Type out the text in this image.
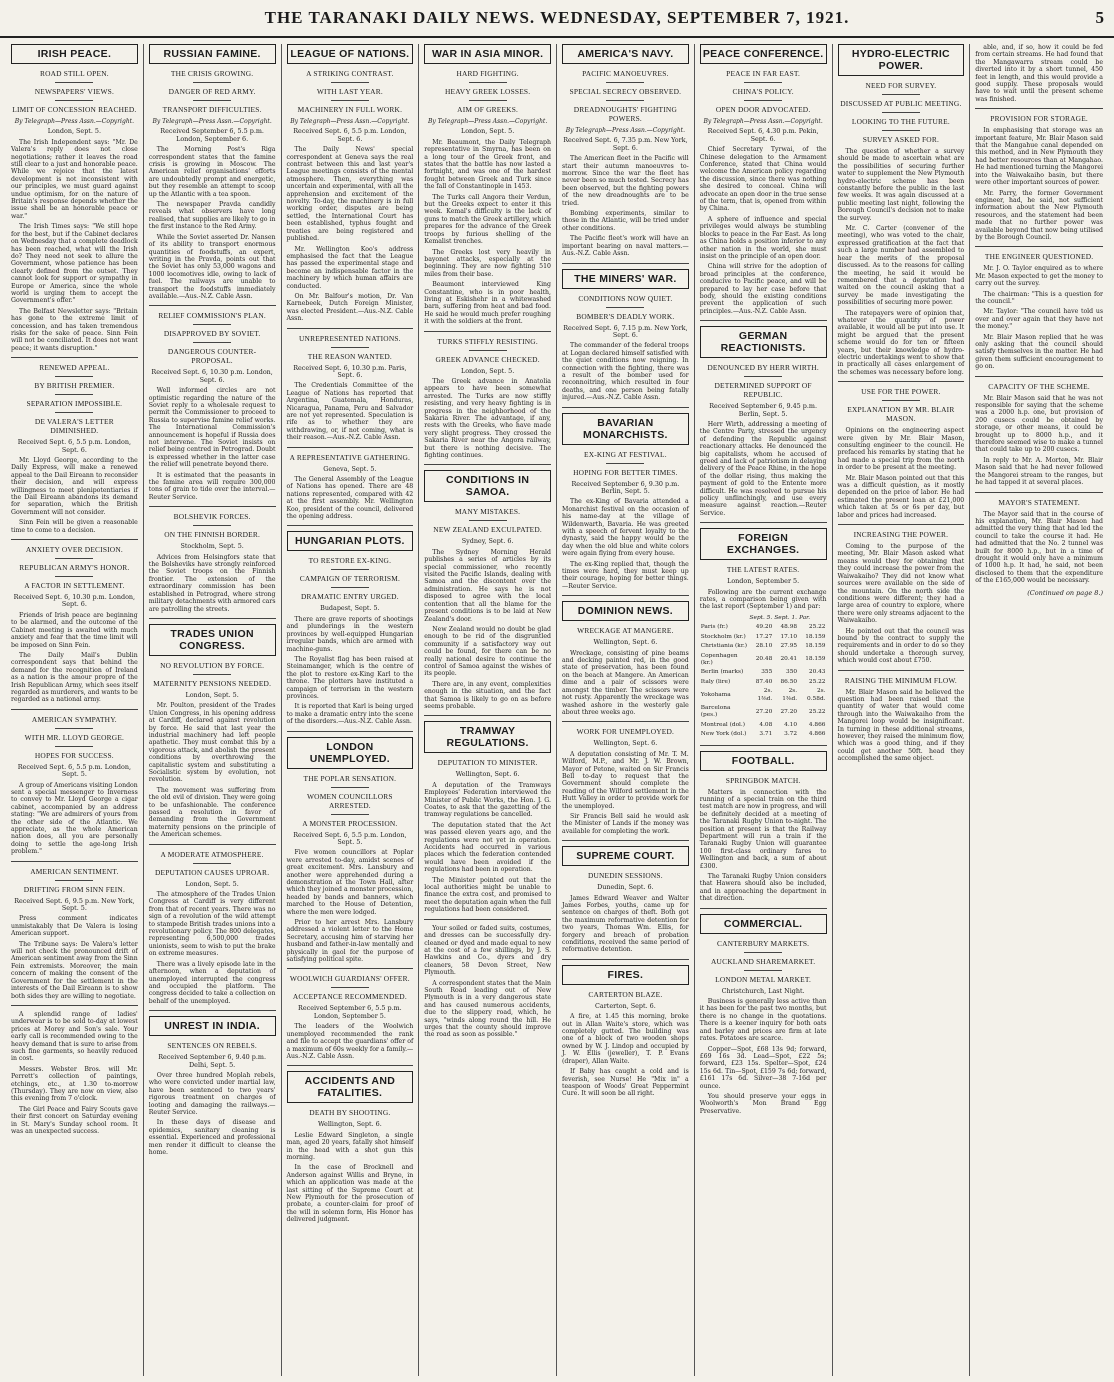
THE TARANAKI DAILY NEWS. WEDNESDAY, SEPTEMBER 7, 1921.	5
IRISH PEACE.
ROAD STILL OPEN.
NEWSPAPERS' VIEWS.
LIMIT OF CONCESSION REACHED.
By Telegraph—Press Assn.—Copyright.
London, Sept. 5.

The Irish Independent says: "Mr. De Valera's reply does not close negotiations; rather it leaves the road still clear to a just and honorable peace. While we rejoice that the latest development is not inconsistent with our principles, we must guard against undue optimism, for on the nature of Britain's response depends whether the issue shall be an honorable peace or war."

The Irish Times says: "We still hope for the best, but if the Cabinet declares on Wednesday that a complete deadlock has been reached, what will the Irish do? They need not seek to allure the Government, whose patience has been clearly defined from the outset. They cannot look for support or sympathy in Europe or America, since the whole world is urging them to accept the Government's offer."

The Belfast Newsletter says: "Britain has gone to the extreme limit of concession, and has taken tremendous risks for the sake of peace. Sinn Fein will not be conciliated. It does not want peace; it wants disruption."

RENEWED APPEAL.
BY BRITISH PREMIER.
SEPARATION IMPOSSIBLE.
DE VALERA'S LETTER DIMINISHED.
Received Sept. 6, 5.5 p.m. London, Sept. 6.

Mr. Lloyd George, according to the Daily Express, will make a renewed appeal to the Dail Eireann to reconsider their decision, and will express willingness to meet plenipotentiaries if the Dail Eireann abandons its demand for separation, which the British Government will not consider.

Sinn Fein will be given a reasonable time to come to a decision.

ANXIETY OVER DECISION.
REPUBLICAN ARMY'S HONOR.
A FACTOR IN SETTLEMENT.
Received Sept. 6, 10.30 p.m. London, Sept. 6.

Friends of Irish peace are beginning to be alarmed, and the outcome of the Cabinet meeting is awaited with much anxiety and fear that the time limit will be imposed on Sinn Fein.

The Daily Mail's Dublin correspondent says that behind the demand for the recognition of Ireland as a nation is the amour propre of the Irish Republican Army, which sees itself regarded as murderers, and wants to be regarded as a national army.

AMERICAN SYMPATHY.
WITH MR. LLOYD GEORGE.
HOPES FOR SUCCESS.
Received Sept. 6, 5.5 p.m. London, Sept. 5.

A group of Americans visiting London sent a special messenger to Inverness to convey to Mr. Lloyd George a cigar cabinet, accompanied by an address stating: "We are admirers of yours from the other side of the Atlantic. We appreciate, as the whole American nation does, all you are personally doing to settle the age-long Irish problem."

AMERICAN SENTIMENT.
DRIFTING FROM SINN FEIN.
Received Sept. 6, 9.5 p.m. New York, Sept. 5.

Press comment indicates unmistakably that De Valera is losing American support.

The Tribune says: De Valera's letter will not check the pronounced drift of American sentiment away from the Sinn Fein extremists. Moreover, the main concern of making the consent of the Government for the settlement in the interests of the Dail Eireann is to show both sides they are willing to negotiate.

A splendid range of ladies' underwear is to be sold to-day at lowest prices at Morey and Son's sale. Your early call is recommended owing to the heavy demand that is sure to arise from such fine garments, so heavily reduced in cost.

Messrs. Webster Bros. will Mr. Perrett's collection of paintings, etchings, etc., at 1.30 to-morrow (Thursday). They are now on view, also this evening from 7 o'clock.

The Girl Peace and Fairy Scouts gave their first concert on Saturday evening in St. Mary's Sunday school room. It was an unexpected success.

RUSSIAN FAMINE.
THE CRISIS GROWING.
DANGER OF RED ARMY.
TRANSPORT DIFFICULTIES.
By Telegraph—Press Assn.—Copyright.
Received September 6, 5.5 p.m. London, September 6.

The Morning Post's Riga correspondent states that the famine crisis is growing in Moscow. The American relief organisations' efforts are undoubtedly prompt and energetic, but they resemble an attempt to scoop up the Atlantic with a tea spoon.

The newspaper Pravda candidly reveals what observers have long realised, that supplies are likely to go in the first instance to the Red Army.

While the Soviet asserted Dr. Nansen of its ability to transport enormous quantities of foodstuffs, an expert, writing in the Pravda, points out that the Soviet has only 53,000 wagons and 1000 locomotives idle, owing to lack of fuel. The railways are unable to transport the foodstuffs immediately available.—Aus.-N.Z. Cable Assn.

RELIEF COMMISSION'S PLAN.
DISAPPROVED BY SOVIET.
DANGEROUS COUNTER-PROPOSAL.
Received Sept. 6, 10.30 p.m. London, Sept. 6.

Well informed circles are not optimistic regarding the nature of the Soviet reply to a wholesale request to permit the Commissioner to proceed to Russia to supervise famine relief works. The International Commission's announcement is hopeful if Russia does not intervene. The Soviet insists on relief being centred in Petrograd. Doubt is expressed whether in the latter case the relief will penetrate beyond there.

It is estimated that the peasants in the famine area will require 300,000 tons of grain to tide over the interval.—Reuter Service.

BOLSHEVIK FORCES.
ON THE FINNISH BORDER.
Stockholm, Sept. 5.

Advices from Helsingfors state that the Bolsheviks have strongly reinforced the Soviet troops on the Finnish frontier. The extension of the extraordinary commission has been established in Petrograd, where strong military detachments with armored cars are patrolling the streets.

TRADES UNION CONGRESS.
NO REVOLUTION BY FORCE.
MATERNITY PENSIONS NEEDED.
London, Sept. 5.

Mr. Poulton, president of the Trades Union Congress, in his opening address at Cardiff, declared against revolution by force. He said that last year the industrial machinery had left people apathetic. They must combat this by a vigorous attack, and abolish the present conditions by overthrowing the capitalistic system and substituting a Socialistic system by evolution, not revolution.

The movement was suffering from the old evil of division. They were going to be unfashionable. The conference passed a resolution in favor of demanding from the Government maternity pensions on the principle of the American schemes.

A MODERATE ATMOSPHERE.
DEPUTATION CAUSES UPROAR.
London, Sept. 5.

The atmosphere of the Trades Union Congress at Cardiff is very different from that of recent years. There was no sign of a revolution of the wild attempt to stampede British trades unions into a revolutionary policy. The 800 delegates, representing 6,500,000 trades unionists, seem to wish to put the brake on extreme measures.

There was a lively episode late in the afternoon, when a deputation of unemployed interrupted the congress and occupied the platform. The congress decided to take a collection on behalf of the unemployed.

UNREST IN INDIA.
SENTENCES ON REBELS.
Received September 6, 9.40 p.m. Delhi, Sept. 5.

Over three hundred Moplah rebels, who were convicted under martial law, have been sentenced to two years' rigorous treatment on charges of looting and damaging the railways.—Reuter Service.

In these days of disease and epidemics, sanitary cleaning is essential. Experienced and professional men render it difficult to cleanse the home.

LEAGUE OF NATIONS.
A STRIKING CONTRAST.
WITH LAST YEAR.
MACHINERY IN FULL WORK.
By Telegraph—Press Assn.—Copyright.
Received Sept. 6, 5.5 p.m. London, Sept. 6.

The Daily News' special correspondent at Geneva says the real contrast between this and last year's League meetings consists of the mental atmosphere. Then, everything was uncertain and experimental, with all the apprehension and excitement of the novelty. To-day, the machinery is in full working order, disputes are being settled, the International Court has been established, typhus fought and treaties are being registered and published.

Mr. Wellington Koo's address emphasised the fact that the League has passed the experimental stage and become an indispensable factor in the machinery by which human affairs are conducted.

On Mr. Balfour's motion, Dr. Van Karnebeek, Dutch Foreign Minister, was elected President.—Aus.-N.Z. Cable Assn.

UNREPRESENTED NATIONS.
THE REASON WANTED.
Received Sept. 6, 10.30 p.m. Paris, Sept. 6.

The Credentials Committee of the League of Nations has reported that Argentina, Guatemala, Honduras, Nicaragua, Panama, Peru and Salvador are not yet represented. Speculation is rife as to whether they are withdrawing, or, if not coming, what is their reason.—Aus.-N.Z. Cable Assn.

A REPRESENTATIVE GATHERING.
Geneva, Sept. 5.

The General Assembly of the League of Nations has opened. There are 48 nations represented, compared with 42 at the first assembly. Mr. Wellington Koo, president of the council, delivered the opening address.

HUNGARIAN PLOTS.
TO RESTORE EX-KING.
CAMPAIGN OF TERRORISM.
DRAMATIC ENTRY URGED.
Budapest, Sept. 5.

There are grave reports of shootings and plunderings in the western provinces by well-equipped Hungarian irregular bands, which are armed with machine-guns.

The Royalist flag has been raised at Steinamanger, which is the centre of the plot to restore ex-King Karl to the throne. The plotters have instituted a campaign of terrorism in the western provinces.

It is reported that Karl is being urged to make a dramatic entry into the scene of the disorders.—Aus.-N.Z. Cable Assn.

LONDON UNEMPLOYED.
THE POPLAR SENSATION.
WOMEN COUNCILLORS ARRESTED.
A MONSTER PROCESSION.
Received Sept. 6, 5.5 p.m. London, Sept. 5.

Five women councillors at Poplar were arrested to-day, amidst scenes of great excitement. Mrs. Lansbury and another were apprehended during a demonstration at the Town Hall, after which they joined a monster procession, headed by bands and banners, which marched to the House of Detention, where the men were lodged.

Prior to her arrest Mrs. Lansbury addressed a violent letter to the Home Secretary, accusing him of starving her husband and father-in-law mentally and physically in gaol for the purpose of satisfying political spite.

WOOLWICH GUARDIANS' OFFER.
ACCEPTANCE RECOMMENDED.
Received September 6, 5.5 p.m. London, September 5.

The leaders of the Woolwich unemployed recommended the rank and file to accept the guardians' offer of a maximum of 60s weekly for a family.—Aus.-N.Z. Cable Assn.

ACCIDENTS AND FATALITIES.
DEATH BY SHOOTING.
Wellington, Sept. 6.

Leslie Edward Singleton, a single man, aged 20 years, fatally shot himself in the head with a shot gun this morning.

In the case of Brocknell and Anderson against Willis and Bryne, in which an application was made at the last sitting of the Supreme Court at New Plymouth for the prosecution of probate, a counter-claim for proof of the will in solemn form, His Honor has delivered judgment.

WAR IN ASIA MINOR.
HARD FIGHTING.
HEAVY GREEK LOSSES.
AIM OF GREEKS.
By Telegraph—Press Assn.—Copyright.
London, Sept. 5.

Mr. Beaumont, the Daily Telegraph representative in Smyrna, has been on a long tour of the Greek front, and states that the battle has now lasted a fortnight, and was one of the hardest fought between Greek and Turk since the fall of Constantinople in 1453.

The Turks call Angora their Verdun, but the Greeks expect to enter it this week. Kemal's difficulty is the lack of guns to match the Greek artillery, which prepares for the advance of the Greek troops by furious shelling of the Kemalist trenches.

The Greeks lost very heavily in bayonet attacks, especially at the beginning. They are now fighting 510 miles from their base.

Beaumont interviewed King Constantine, who is in poor health, living at Eskishehr in a whitewashed barn, suffering from heat and bad food. He said he would much prefer roughing it with the soldiers at the front.

TURKS STIFFLY RESISTING.
GREEK ADVANCE CHECKED.
London, Sept. 5.

The Greek advance in Anatolia appears to have been somewhat arrested. The Turks are now stiffly resisting, and very heavy fighting is in progress in the neighborhood of the Sakaria River. The advantage, if any, rests with the Greeks, who have made very slight progress. They crossed the Sakaria River near the Angora railway, but there is nothing decisive. The fighting continues.

CONDITIONS IN SAMOA.
MANY MISTAKES.
NEW ZEALAND EXCULPATED.
Sydney, Sept. 6.

The Sydney Morning Herald publishes a series of articles by its special commissioner, who recently visited the Pacific Islands, dealing with Samoa and the discontent over the administration. He says he is not disposed to agree with the local contention that all the blame for the present conditions is to be laid at New Zealand's door.

New Zealand would no doubt be glad enough to be rid of the disgruntled community if a satisfactory way out could be found, for there can be no really national desire to continue the control of Samoa against the wishes of its people.

There are, in any event, complexities enough in the situation, and the fact that Samoa is likely to go on as before seems probable.

TRAMWAY REGULATIONS.
DEPUTATION TO MINISTER.
Wellington, Sept. 6.

A deputation of the Tramways Employees' Federation interviewed the Minister of Public Works, the Hon. J. G. Coates, to ask that the gazetting of the tramway regulations be cancelled.

The deputation stated that the Act was passed eleven years ago, and the regulations were not yet in operation. Accidents had occurred in various places which the federation contended would have been avoided if the regulations had been in operation.

The Minister pointed out that the local authorities might be unable to finance the extra cost, and promised to meet the deputation again when the full regulations had been considered.

Your soiled or faded suits, costumes, and dresses can be successfully dry-cleaned or dyed and made equal to new at the cost of a few shillings, by J. S. Hawkins and Co., dyers and dry cleaners, 58 Devon Street, New Plymouth.

A correspondent states that the Main South Road leading out of New Plymouth is in a very dangerous state and has caused numerous accidents, due to the slippery road, which, he says, "winds along round the hill. He urges that the county should improve the road as soon as possible."

AMERICA'S NAVY.
PACIFIC MANOEUVRES.
SPECIAL SECRECY OBSERVED.
DREADNOUGHTS' FIGHTING POWERS.
By Telegraph—Press Assn.—Copyright.
Received Sept. 6, 7.35 p.m. New York, Sept. 6.

The American fleet in the Pacific will start their autumn manoeuvres to-morrow. Since the war the fleet has never been so much tested. Secrecy has been observed, but the fighting powers of the new dreadnoughts are to be tried.

Bombing experiments, similar to those in the Atlantic, will be tried under other conditions.

The Pacific fleet's work will have an important bearing on naval matters.—Aus.-N.Z. Cable Assn.

THE MINERS' WAR.
CONDITIONS NOW QUIET.
BOMBER'S DEADLY WORK.
Received Sept. 6, 7.15 p.m. New York, Sept. 6.

The commander of the federal troops at Logan declared himself satisfied with the quiet conditions now reigning. In connection with the fighting, there was a result of the bomber used for reconnoitring, which resulted in four deaths, and one person being fatally injured.—Aus.-N.Z. Cable Assn.

BAVARIAN MONARCHISTS.
EX-KING AT FESTIVAL.
HOPING FOR BETTER TIMES.
Received September 6, 9.30 p.m. Berlin, Sept. 5.

The ex-King of Bavaria attended a Monarchist festival on the occasion of his name-day at the village of Wildenwarth, Bavaria. He was greeted with a speech of fervent loyalty to the dynasty, said the happy would be the day when the old blue and white colors were again flying from every house.

The ex-King replied that, though the times were hard, they must keep up their courage, hoping for better things.—Reuter Service.

DOMINION NEWS.
WRECKAGE AT MANGERE.
Wellington, Sept. 6.

Wreckage, consisting of pine beams and decking painted red, in the good state of preservation, has been found on the beach at Mangere. An American dime and a pair of scissors were amongst the timber. The scissors were not rusty. Apparently the wreckage was washed ashore in the westerly gale about three weeks ago.

WORK FOR UNEMPLOYED.
Wellington, Sept. 6.

A deputation consisting of Mr. T. M. Wilford, M.P., and Mr. J. W. Brown, Mayor of Petone, waited on Sir Francis Bell to-day to request that the Government should complete the reading of the Wilford settlement in the Hutt Valley in order to provide work for the unemployed.

Sir Francis Bell said he would ask the Minister of Lands if the money was available for completing the work.

SUPREME COURT.
DUNEDIN SESSIONS.
Dunedin, Sept. 6.

James Edward Weaver and Walter James Forbes, youths, came up for sentence on charges of theft. Both got the maximum reformative detention for two years, Thomas Wm. Ellis, for forgery and breach of probation conditions, received the same period of reformative detention.

FIRES.
CARTERTON BLAZE.
Carterton, Sept. 6.

A fire, at 1.45 this morning, broke out in Allan Waite's store, which was completely gutted. The building was one of a block of two wooden shops owned by W. J. Lindop and occupied by J. W. Ellis (jeweller), T. P. Evans (draper), Allan Waite.

If Baby has caught a cold and is feverish, see Nurse! He "Mix in" a teaspoon of Woods' Great Peppermint Cure. It will soon be all right.

PEACE CONFERENCE.
PEACE IN FAR EAST.
CHINA'S POLICY.
OPEN DOOR ADVOCATED.
By Telegraph—Press Assn.—Copyright.
Received Sept. 6, 4.30 p.m. Pekin, Sept. 6.

Chief Secretary Tyrwai, of the Chinese delegation to the Armament Conference, stated that China would welcome the American policy regarding the discussion, since there was nothing she desired to conceal. China will advocate an open door in the true sense of the term, that is, opened from within by China.

A sphere of influence and special privileges would always be stumbling blocks to peace in the Far East. As long as China holds a position inferior to any other nation in the world, she must insist on the principle of an open door.

China will strive for the adoption of broad principles at the conference, conducive to Pacific peace, and will be prepared to lay her case before that body, should the existing conditions prevent the application of such principles.—Aus.-N.Z. Cable Assn.

GERMAN REACTIONISTS.
DENOUNCED BY HERR WIRTH.
DETERMINED SUPPORT OF REPUBLIC.
Received September 6, 9.45 p.m. Berlin, Sept. 5.

Herr Wirth, addressing a meeting of the Centre Party, stressed the urgency of defending the Republic against reactionary attacks. He denounced the big capitalists, whom he accused of greed and lack of patriotism in delaying delivery of the Peace Rhine, in the hope of the dollar rising, thus making the payment of gold to the Entente more difficult. He was resolved to pursue his policy unflinchingly, and use every measure against reaction.—Reuter Service.

FOREIGN EXCHANGES.
THE LATEST RATES.
London, September 5.

Following are the current exchange rates, a comparison being given with the last report (September 1) and par:

	Sept. 5.	Sept. 1.	Par.
Paris (fr.)	49.20	48.98	25.22
Stockholm (kr.)	17.27	17.10	18.159
Christiania (kr.)	28.10	27.95	18.159
Copenhagen (kr.)	20.48	20.41	18.159
Berlin (marks)	355	350	20.43
Italy (lire)	87.40	86.50	25.22
Yokohama	2s. 1⅜d.	2s. 1⅜d.	2s. 0.58d.
Barcelona (pes.)	27.20	27.20	25.22
Montreal (dol.)	4.08	4.10	4.866
New York (dol.)	3.71	3.72	4.866
FOOTBALL.
SPRINGBOK MATCH.

Matters in connection with the running of a special train on the third test match are now in progress, and will be definitely decided at a meeting of the Taranaki Rugby Union to-night. The position at present is that the Railway Department will run a train if the Taranaki Rugby Union will guarantee 100 first-class ordinary fares to Wellington and back, a sum of about £300.

The Taranaki Rugby Union considers that Hawera should also be included, and in approaching the department in that direction.

COMMERCIAL.
CANTERBURY MARKETS.
AUCKLAND SHAREMARKET.
LONDON METAL MARKET.
Christchurch, Last Night.

Business is generally less active than it has been for the past two months, but there is no change in the quotations. There is a keener inquiry for both oats and barley and prices are firm at late rates. Potatoes are scarce.

Copper—Spot, £68 13s 9d; forward, £69 16s 3d. Lead—Spot, £22 5s; forward, £23 15s. Spelter—Spot, £24 15s 6d. Tin—Spot, £159 7s 6d; forward, £161 17s 6d. Silver—38 7-16d per ounce.

You should preserve your eggs in Woolworth's Mon Brand Egg Preservative.

HYDRO-ELECTRIC POWER.
NEED FOR SURVEY.
DISCUSSED AT PUBLIC MEETING.
LOOKING TO THE FUTURE.
SURVEY ASKED FOR.

The question of whether a survey should be made to ascertain what are the possibilities of securing further water to supplement the New Plymouth hydro-electric scheme has been constantly before the public in the last few weeks. It was again discussed at a public meeting last night, following the Borough Council's decision not to make the survey.

Mr. C. Carter (convener of the meeting), who was voted to the chair, expressed gratification at the fact that such a large number had assembled to hear the merits of the proposal discussed. As to the reasons for calling the meeting, he said it would be remembered that a deputation had waited on the council asking that a survey be made investigating the possibilities of securing more power.

The ratepayers were of opinion that, whatever the quantity of power available, it would all be put into use. It might be argued that the present scheme would do for ten or fifteen years, but their knowledge of hydro-electric undertakings went to show that in practically all cases enlargement of the schemes was necessary before long.

USE FOR THE POWER.
EXPLANATION BY MR. BLAIR MASON.

Opinions on the engineering aspect were given by Mr. Blair Mason, consulting engineer to the council. He prefaced his remarks by stating that he had made a special trip from the north in order to be present at the meeting.

Mr. Blair Mason pointed out that this was a difficult question, as it mostly depended on the price of labor. He had estimated the present loan at £21,000 which taken at 5s or 6s per day, but labor and prices had increased.

INCREASING THE POWER.

Coming to the purpose of the meeting, Mr. Blair Mason asked what means would they for obtaining that they could increase the power from the Waiwakaiho? They did not know what sources were available on the side of the mountain. On the north side the conditions were different; they had a large area of country to explore, where there were only streams adjacent to the Waiwakaiho.

He pointed out that the council was bound by the contract to supply the requirements and in order to do so they should undertake a thorough survey, which would cost about £750.

RAISING THE MINIMUM FLOW.

Mr. Blair Mason said he believed the question had been raised that the quantity of water that would come through into the Waiwakaiho from the Mangorei loop would be insignificant. In turning in these additional streams, however, they raised the minimum flow, which was a good thing, and if they could get another 50ft. head they accomplished the same object.

able, and, if so, how it could be fed from certain streams. He had found that the Mangawarra stream could be diverted into it by a short tunnel, 450 feet in length, and this would provide a good supply. These proposals would have to wait until the present scheme was finished.

PROVISION FOR STORAGE.

In emphasising that storage was an important feature, Mr. Blair Mason said that the Mangahue canal depended on this method, and in New Plymouth they had better resources than at Mangahao. He had mentioned turning the Mangorei into the Waiwakaiho basin, but there were other important sources of power.

Mr. Parry, the former Government engineer, had, he said, not sufficient information about the New Plymouth resources, and the statement had been made that no further power was available beyond that now being utilised by the Borough Council.

THE ENGINEER QUESTIONED.

Mr. J. O. Taylor enquired as to where Mr. Mason expected to get the money to carry out the survey.

The chairman: "This is a question for the council."

Mr. Taylor: "The council have told us over and over again that they have not the money."

Mr. Blair Mason replied that he was only asking that the council should satisfy themselves in the matter. He had given them sufficient encouragement to go on.

CAPACITY OF THE SCHEME.

Mr. Blair Mason said that he was not responsible for saying that the scheme was a 2000 h.p. one, but provision of 200 cusecs could be obtained by storage, or other means, it could be brought up to 8000 h.p., and it therefore seemed wise to make a tunnel that could take up to 200 cusecs.

In reply to Mr. A. Morton, Mr. Blair Mason said that he had never followed the Mangorei stream to the ranges, but he had tapped it at several places.

MAYOR'S STATEMENT.

The Mayor said that in the course of his explanation, Mr. Blair Mason had admitted the very thing that had led the council to take the course it had. He had admitted that the No. 2 tunnel was built for 8000 h.p., but in a time of drought it would only have a minimum of 1000 h.p. It had, he said, not been disclosed to them that the expenditure of the £165,000 would be necessary.

(Continued on page 8.)
